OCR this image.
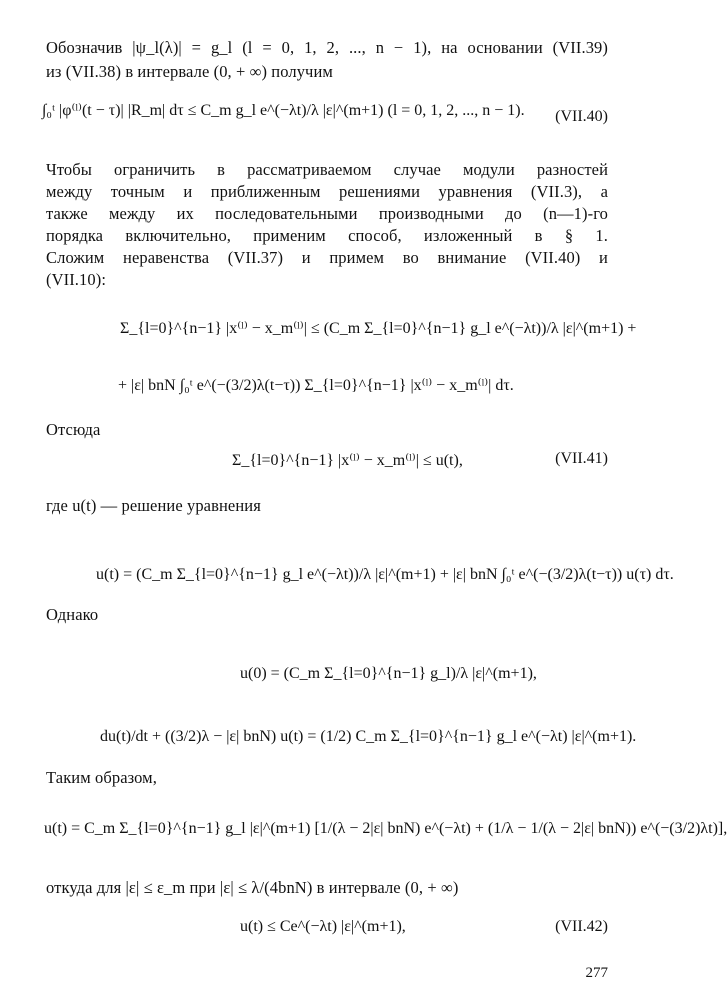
Обозначив |ψ_l(λ)| = g_l (l = 0, 1, 2, ..., n − 1), на основании (VII.39)
из (VII.38) в интервале (0, + ∞) получим
∫₀ᵗ |φ⁽ˡ⁾(t − τ)| |R_m| dτ ≤ C_m g_l e^(−λt)/λ |ε|^(m+1) (l = 0, 1, 2, ..., n − 1). (VII.40)
Чтобы ограничить в рассматриваемом случае модули разностей
между точным и приближенным решениями уравнения (VII.3), а
также между их последовательными производными до (n—1)-го
порядка включительно, применим способ, изложенный в § 1.
Сложим неравенства (VII.37) и примем во внимание (VII.40) и
(VII.10):
Σ_{l=0}^{n−1} |x⁽ˡ⁾ − x_m⁽ˡ⁾| ≤ (C_m Σ_{l=0}^{n−1} g_l e^(−λt))/λ |ε|^(m+1) +
+ |ε| bnN ∫₀ᵗ e^(−(3/2)λ(t−τ)) Σ_{l=0}^{n−1} |x⁽ˡ⁾ − x_m⁽ˡ⁾| dτ.
Отсюда
Σ_{l=0}^{n−1} |x⁽ˡ⁾ − x_m⁽ˡ⁾| ≤ u(t),	(VII.41)
где u(t) — решение уравнения
u(t) = (C_m Σ_{l=0}^{n−1} g_l e^(−λt))/λ |ε|^(m+1) + |ε| bnN ∫₀ᵗ e^(−(3/2)λ(t−τ)) u(τ) dτ.
Однако
u(0) = (C_m Σ_{l=0}^{n−1} g_l)/λ |ε|^(m+1),
du(t)/dt + ((3/2)λ − |ε| bnN) u(t) = (1/2) C_m Σ_{l=0}^{n−1} g_l e^(−λt) |ε|^(m+1).
Таким образом,
u(t) = C_m Σ_{l=0}^{n−1} g_l |ε|^(m+1) [1/(λ − 2|ε| bnN) e^(−λt) + (1/λ − 1/(λ − 2|ε| bnN)) e^(−(3/2)λt)],
откуда для |ε| ≤ ε_m при |ε| ≤ λ/(4bnN) в интервале (0, + ∞)
u(t) ≤ Ce^(−λt) |ε|^(m+1),	(VII.42)
277
